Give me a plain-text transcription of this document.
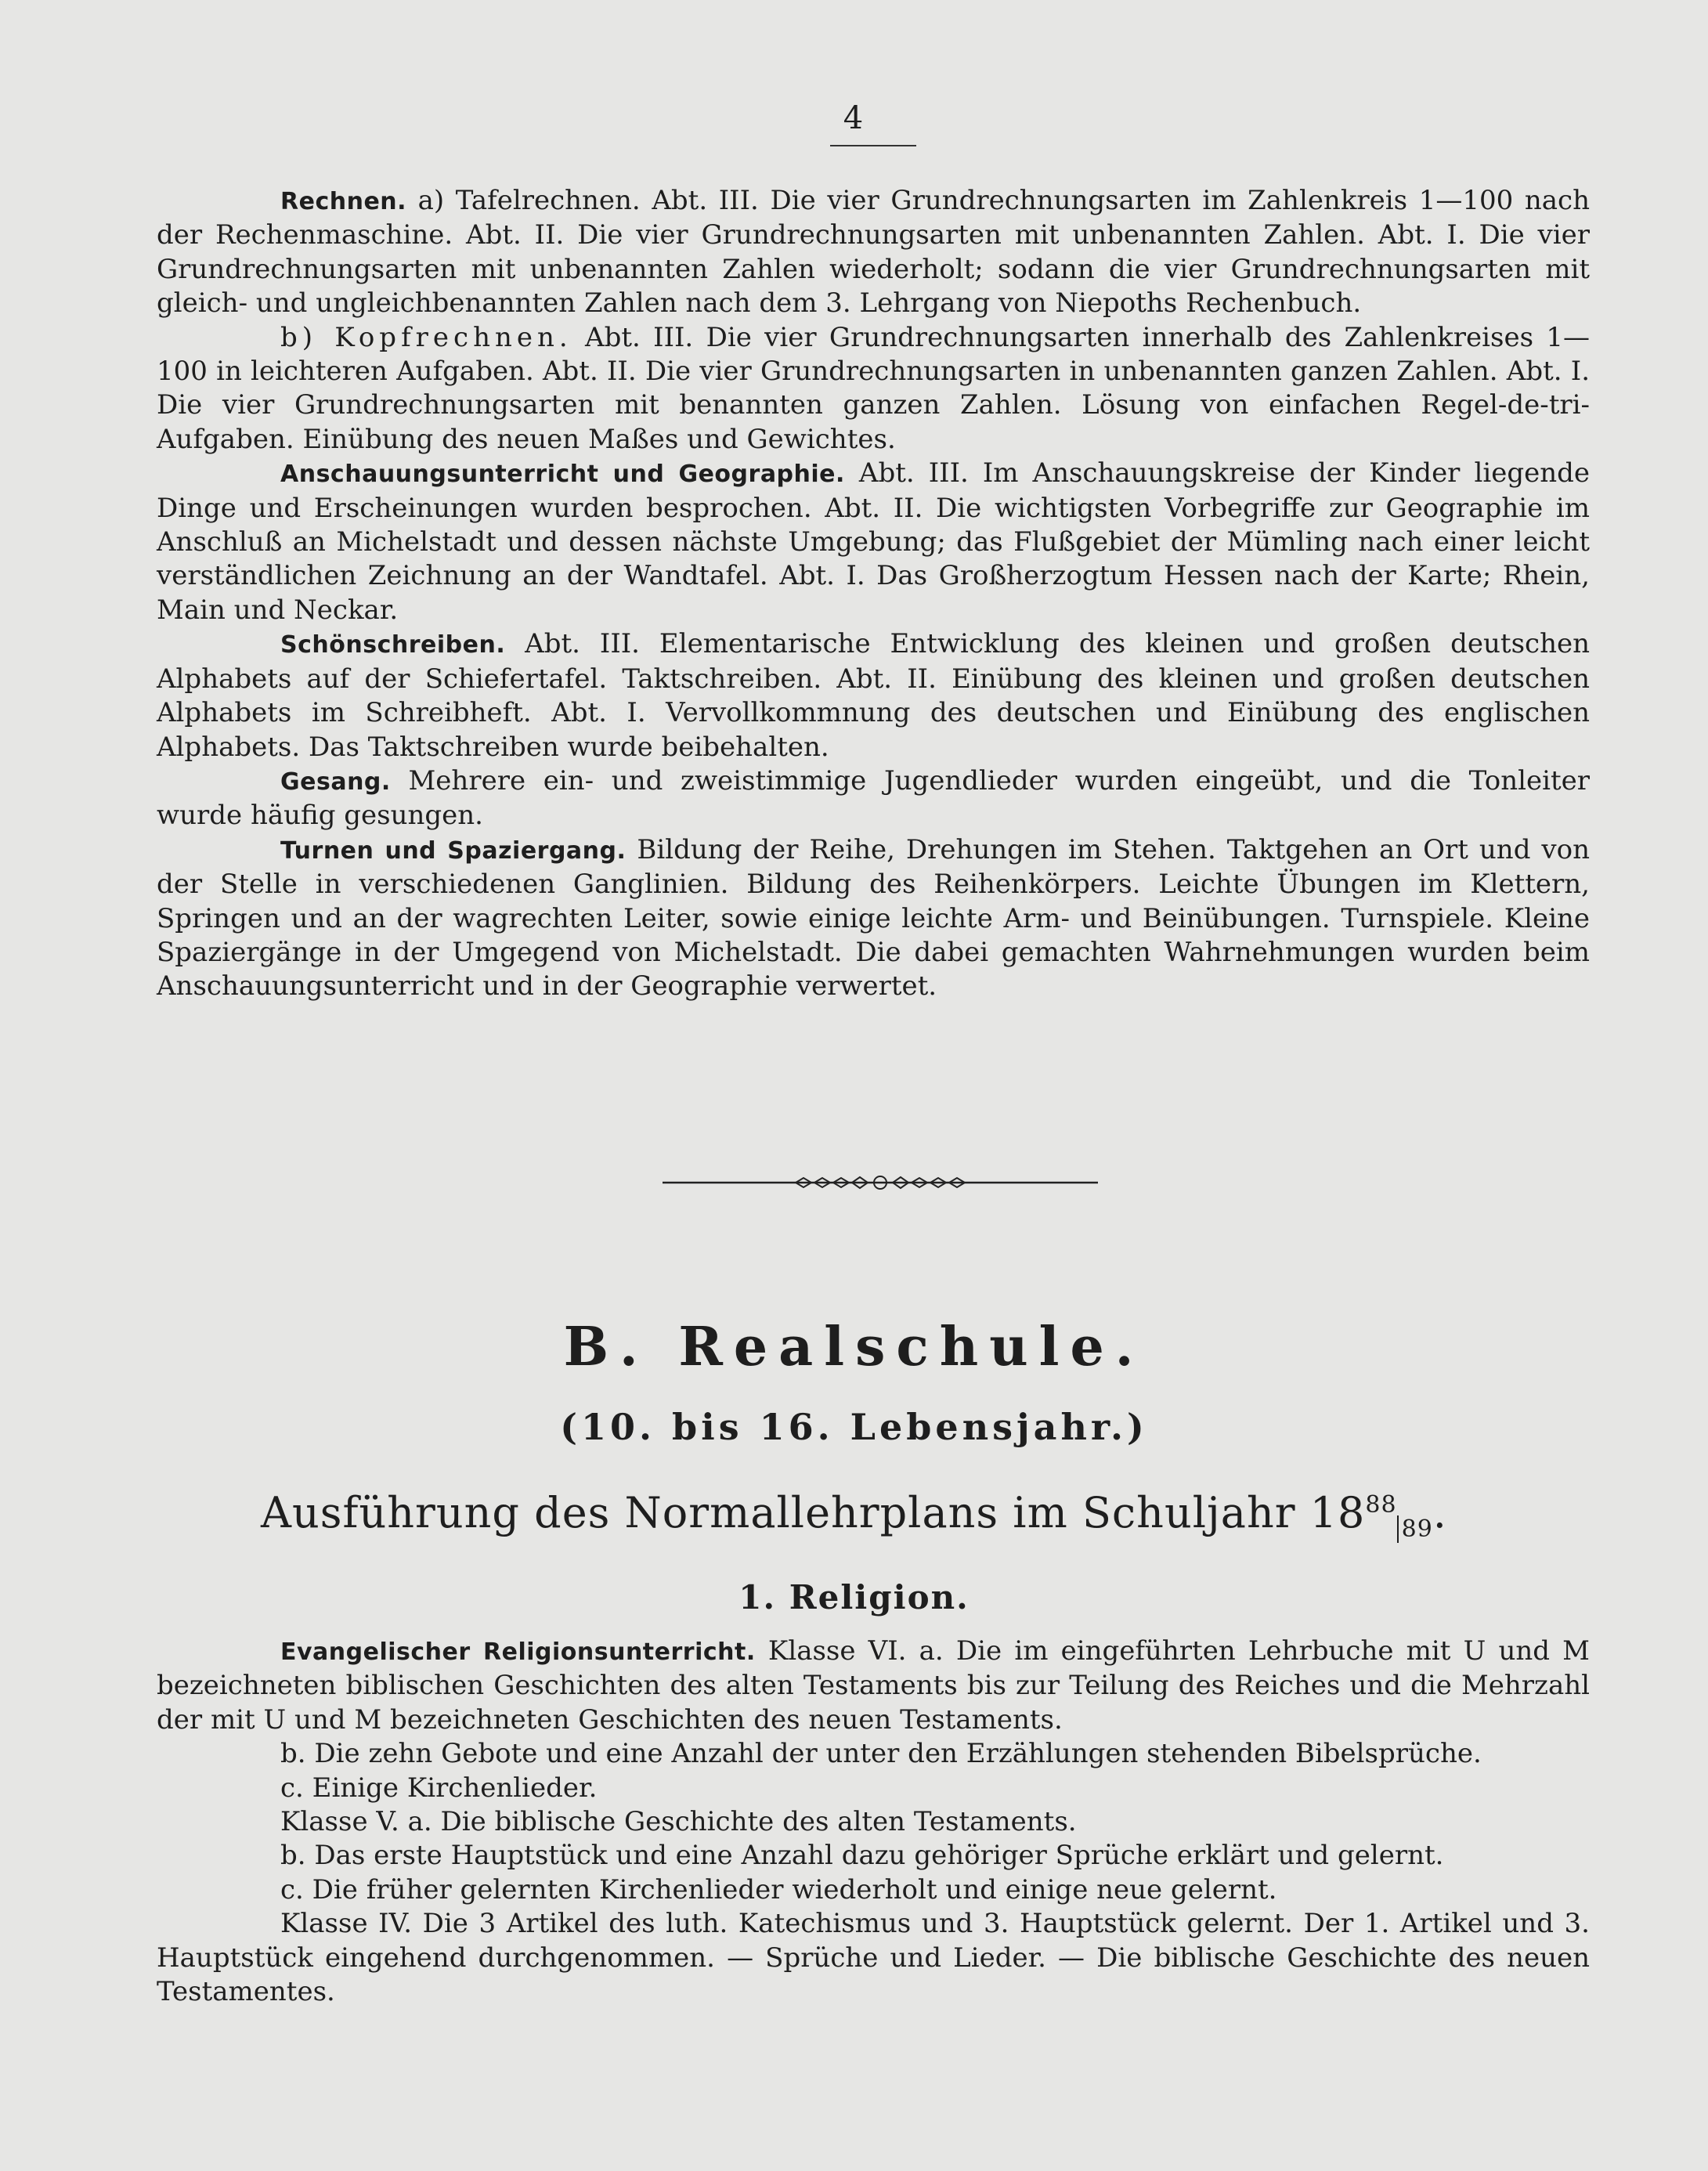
4

Rechnen. a) Tafelrechnen. Abt. III. Die vier Grundrechnungsarten im Zahlenkreis 1—100 nach der Rechenmaschine. Abt. II. Die vier Grundrechnungsarten mit unbenannten Zahlen. Abt. I. Die vier Grundrechnungsarten mit unbenannten Zahlen wiederholt; sodann die vier Grundrechnungsarten mit gleich- und ungleichbenannten Zahlen nach dem 3. Lehrgang von Niepoths Rechenbuch.

b) Kopfrechnen. Abt. III. Die vier Grundrechnungsarten innerhalb des Zahlenkreises 1—100 in leichteren Aufgaben. Abt. II. Die vier Grundrechnungsarten in unbenannten ganzen Zahlen. Abt. I. Die vier Grundrechnungsarten mit benannten ganzen Zahlen. Lösung von einfachen Regel-de-tri-Aufgaben. Einübung des neuen Maßes und Gewichtes.

Anschauungsunterricht und Geographie. Abt. III. Im Anschauungskreise der Kinder liegende Dinge und Erscheinungen wurden besprochen. Abt. II. Die wichtigsten Vorbegriffe zur Geographie im Anschluß an Michelstadt und dessen nächste Umgebung; das Flußgebiet der Mümling nach einer leicht verständlichen Zeichnung an der Wandtafel. Abt. I. Das Großherzogtum Hessen nach der Karte; Rhein, Main und Neckar.

Schönschreiben. Abt. III. Elementarische Entwicklung des kleinen und großen deutschen Alphabets auf der Schiefertafel. Taktschreiben. Abt. II. Einübung des kleinen und großen deutschen Alphabets im Schreibheft. Abt. I. Vervollkommnung des deutschen und Einübung des englischen Alphabets. Das Taktschreiben wurde beibehalten.

Gesang. Mehrere ein- und zweistimmige Jugendlieder wurden eingeübt, und die Tonleiter wurde häufig gesungen.

Turnen und Spaziergang. Bildung der Reihe, Drehungen im Stehen. Taktgehen an Ort und von der Stelle in verschiedenen Ganglinien. Bildung des Reihenkörpers. Leichte Übungen im Klettern, Springen und an der wagrechten Leiter, sowie einige leichte Arm- und Beinübungen. Turnspiele. Kleine Spaziergänge in der Umgegend von Michelstadt. Die dabei gemachten Wahrnehmungen wurden beim Anschauungsunterricht und in der Geographie verwertet.

B. Realschule.
(10. bis 16. Lebensjahr.)
Ausführung des Normallehrplans im Schuljahr $18^{88}_{89}$.
1. Religion.

Evangelischer Religionsunterricht. Klasse VI. a. Die im eingeführten Lehrbuche mit U und M bezeichneten biblischen Geschichten des alten Testaments bis zur Teilung des Reiches und die Mehrzahl der mit U und M bezeichneten Geschichten des neuen Testaments.

b. Die zehn Gebote und eine Anzahl der unter den Erzählungen stehenden Bibelsprüche.

c. Einige Kirchenlieder.

Klasse V. a. Die biblische Geschichte des alten Testaments.

b. Das erste Hauptstück und eine Anzahl dazu gehöriger Sprüche erklärt und gelernt.

c. Die früher gelernten Kirchenlieder wiederholt und einige neue gelernt.

Klasse IV. Die 3 Artikel des luth. Katechismus und 3. Hauptstück gelernt. Der 1. Artikel und 3. Hauptstück eingehend durchgenommen. — Sprüche und Lieder. — Die biblische Geschichte des neuen Testamentes.
